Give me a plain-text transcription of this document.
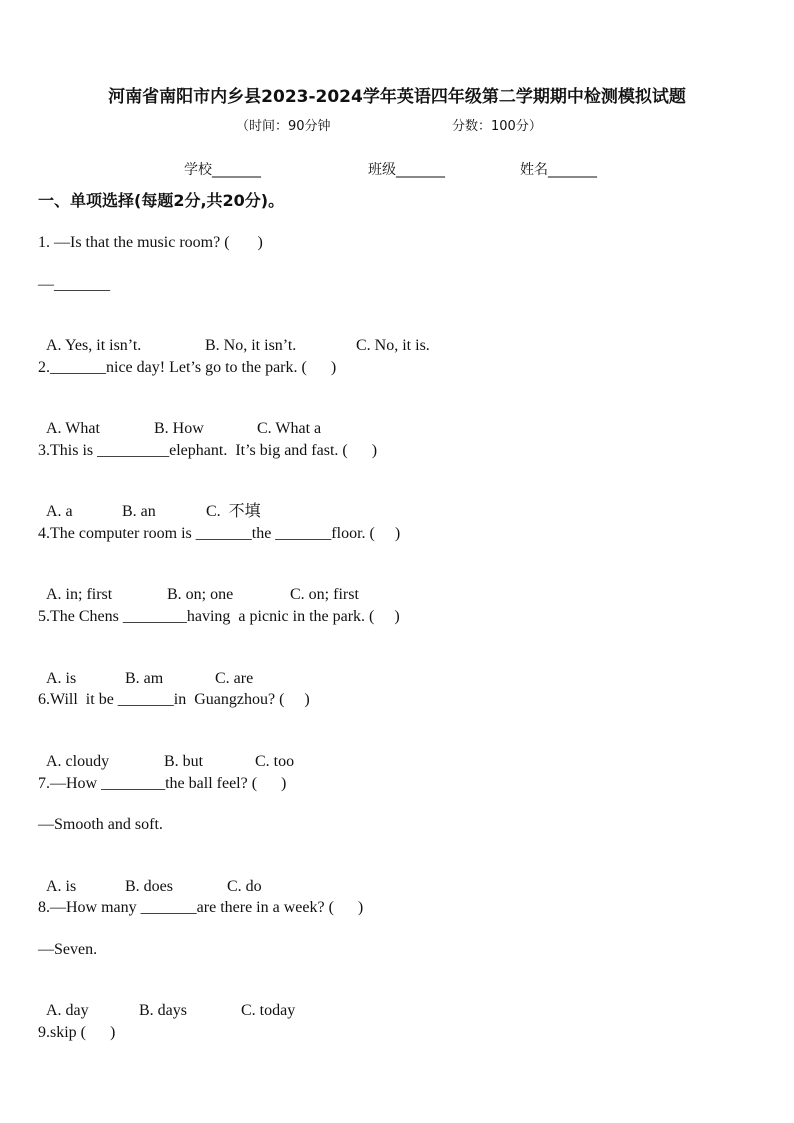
河南省南阳市内乡县2023-2024学年英语四年级第二学期期中检测模拟试题
（时间：90分钟	分数：100分）
学校_______	班级_______	姓名_______
一、单项选择(每题2分,共20分)。
1. —Is that the music room? (       )
—_______

A. Yes, it isn’t.	B. No, it isn’t.	C. No, it is.

2._______nice day! Let’s go to the park. (      )

A. What	B. How	C. What a

3.This is _________elephant.  It’s big and fast. (      )

A. a	B. an	C.  不填

4.The computer room is _______the _______floor. (     )

A. in; first	B. on; one	C. on; first

5.The Chens ________having  a picnic in the park. (     )

A. is	B. am	C. are

6.Will  it be _______in  Guangzhou? (     )

A. cloudy	B. but	C. too

7.—How ________the ball feel? (      )
—Smooth and soft.

A. is	B. does	C. do

8.—How many _______are there in a week? (      )
—Seven.

A. day	B. days	C. today

9.skip (      )
